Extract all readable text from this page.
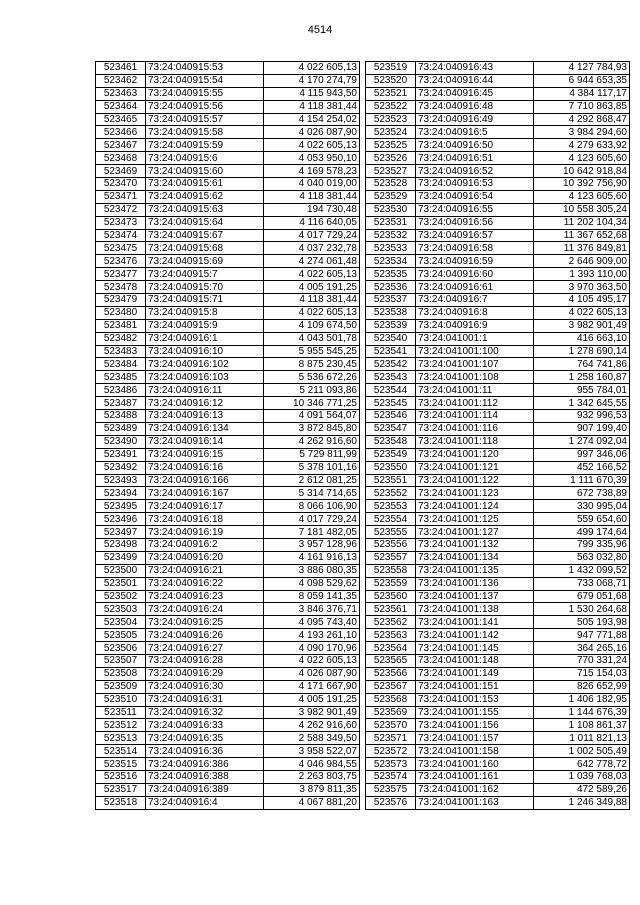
4514
523461	73:24:040915:53	4 022 605,13
523462	73:24:040915:54	4 170 274,79
523463	73:24:040915:55	4 115 943,50
523464	73:24:040915:56	4 118 381,44
523465	73:24:040915:57	4 154 254,02
523466	73:24:040915:58	4 026 087,90
523467	73:24:040915:59	4 022 605,13
523468	73:24:040915:6	4 053 950,10
523469	73:24:040915:60	4 169 578,23
523470	73:24:040915:61	4 040 019,00
523471	73:24:040915:62	4 118 381,44
523472	73:24:040915:63	194 730,48
523473	73:24:040915:64	4 116 640,05
523474	73:24:040915:67	4 017 729,24
523475	73:24:040915:68	4 037 232,78
523476	73:24:040915:69	4 274 061,48
523477	73:24:040915:7	4 022 605,13
523478	73:24:040915:70	4 005 191,25
523479	73:24:040915:71	4 118 381,44
523480	73:24:040915:8	4 022 605,13
523481	73:24:040915:9	4 109 674,50
523482	73:24:040916:1	4 043 501,78
523483	73:24:040916:10	5 955 545,25
523484	73:24:040916:102	8 875 230,45
523485	73:24:040916:103	5 536 672,26
523486	73:24:040916:11	5 211 093,86
523487	73:24:040916:12	10 346 771,25
523488	73:24:040916:13	4 091 564,07
523489	73:24:040916:134	3 872 845,80
523490	73:24:040916:14	4 262 916,60
523491	73:24:040916:15	5 729 811,99
523492	73:24:040916:16	5 378 101,16
523493	73:24:040916:166	2 612 081,25
523494	73:24:040916:167	5 314 714,65
523495	73:24:040916:17	8 066 106,90
523496	73:24:040916:18	4 017 729,24
523497	73:24:040916:19	7 181 482,05
523498	73:24:040916:2	3 957 128,96
523499	73:24:040916:20	4 161 916,13
523500	73:24:040916:21	3 886 080,35
523501	73:24:040916:22	4 098 529,62
523502	73:24:040916:23	8 059 141,35
523503	73:24:040916:24	3 846 376,71
523504	73:24:040916:25	4 095 743,40
523505	73:24:040916:26	4 193 261,10
523506	73:24:040916:27	4 090 170,96
523507	73:24:040916:28	4 022 605,13
523508	73:24:040916:29	4 026 087,90
523509	73:24:040916:30	4 171 667,90
523510	73:24:040916:31	4 005 191,25
523511	73:24:040916:32	3 982 901,49
523512	73:24:040916:33	4 262 916,60
523513	73:24:040916:35	2 588 349,50
523514	73:24:040916:36	3 958 522,07
523515	73:24:040916:386	4 046 984,55
523516	73:24:040916:388	2 263 803,75
523517	73:24:040916:389	3 879 811,35
523518	73:24:040916:4	4 067 881,20
523519	73:24:040916:43	4 127 784,93
523520	73:24:040916:44	6 944 653,35
523521	73:24:040916:45	4 384 117,17
523522	73:24:040916:48	7 710 863,85
523523	73:24:040916:49	4 292 868,47
523524	73:24:040916:5	3 984 294,60
523525	73:24:040916:50	4 279 633,92
523526	73:24:040916:51	4 123 605,60
523527	73:24:040916:52	10 642 918,84
523528	73:24:040916:53	10 392 756,90
523529	73:24:040916:54	4 123 605,60
523530	73:24:040916:55	10 558 305,24
523531	73:24:040916:56	11 202 104,34
523532	73:24:040916:57	11 367 652,68
523533	73:24:040916:58	11 376 849,81
523534	73:24:040916:59	2 646 909,00
523535	73:24:040916:60	1 393 110,00
523536	73:24:040916:61	3 970 363,50
523537	73:24:040916:7	4 105 495,17
523538	73:24:040916:8	4 022 605,13
523539	73:24:040916:9	3 982 901,49
523540	73:24:041001:1	416 663,10
523541	73:24:041001:100	1 278 690,14
523542	73:24:041001:107	764 741,86
523543	73:24:041001:108	1 258 160,87
523544	73:24:041001:11	955 784,01
523545	73:24:041001:112	1 342 645,55
523546	73:24:041001:114	932 996,53
523547	73:24:041001:116	907 199,40
523548	73:24:041001:118	1 274 092,04
523549	73:24:041001:120	997 346,06
523550	73:24:041001:121	452 166,52
523551	73:24:041001:122	1 111 670,39
523552	73:24:041001:123	672 738,89
523553	73:24:041001:124	330 995,04
523554	73:24:041001:125	559 654,60
523555	73:24:041001:127	499 174,64
523556	73:24:041001:132	799 335,96
523557	73:24:041001:134	563 032,80
523558	73:24:041001:135	1 432 099,52
523559	73:24:041001:136	733 068,71
523560	73:24:041001:137	679 051,68
523561	73:24:041001:138	1 530 264,68
523562	73:24:041001:141	505 193,98
523563	73:24:041001:142	947 771,88
523564	73:24:041001:145	364 265,16
523565	73:24:041001:148	770 331,24
523566	73:24:041001:149	715 154,03
523567	73:24:041001:151	826 652,99
523568	73:24:041001:153	1 406 182,95
523569	73:24:041001:155	1 144 676,39
523570	73:24:041001:156	1 108 861,37
523571	73:24:041001:157	1 011 821,13
523572	73:24:041001:158	1 002 505,49
523573	73:24:041001:160	642 778,72
523574	73:24:041001:161	1 039 768,03
523575	73:24:041001:162	472 589,26
523576	73:24:041001:163	1 246 349,88
